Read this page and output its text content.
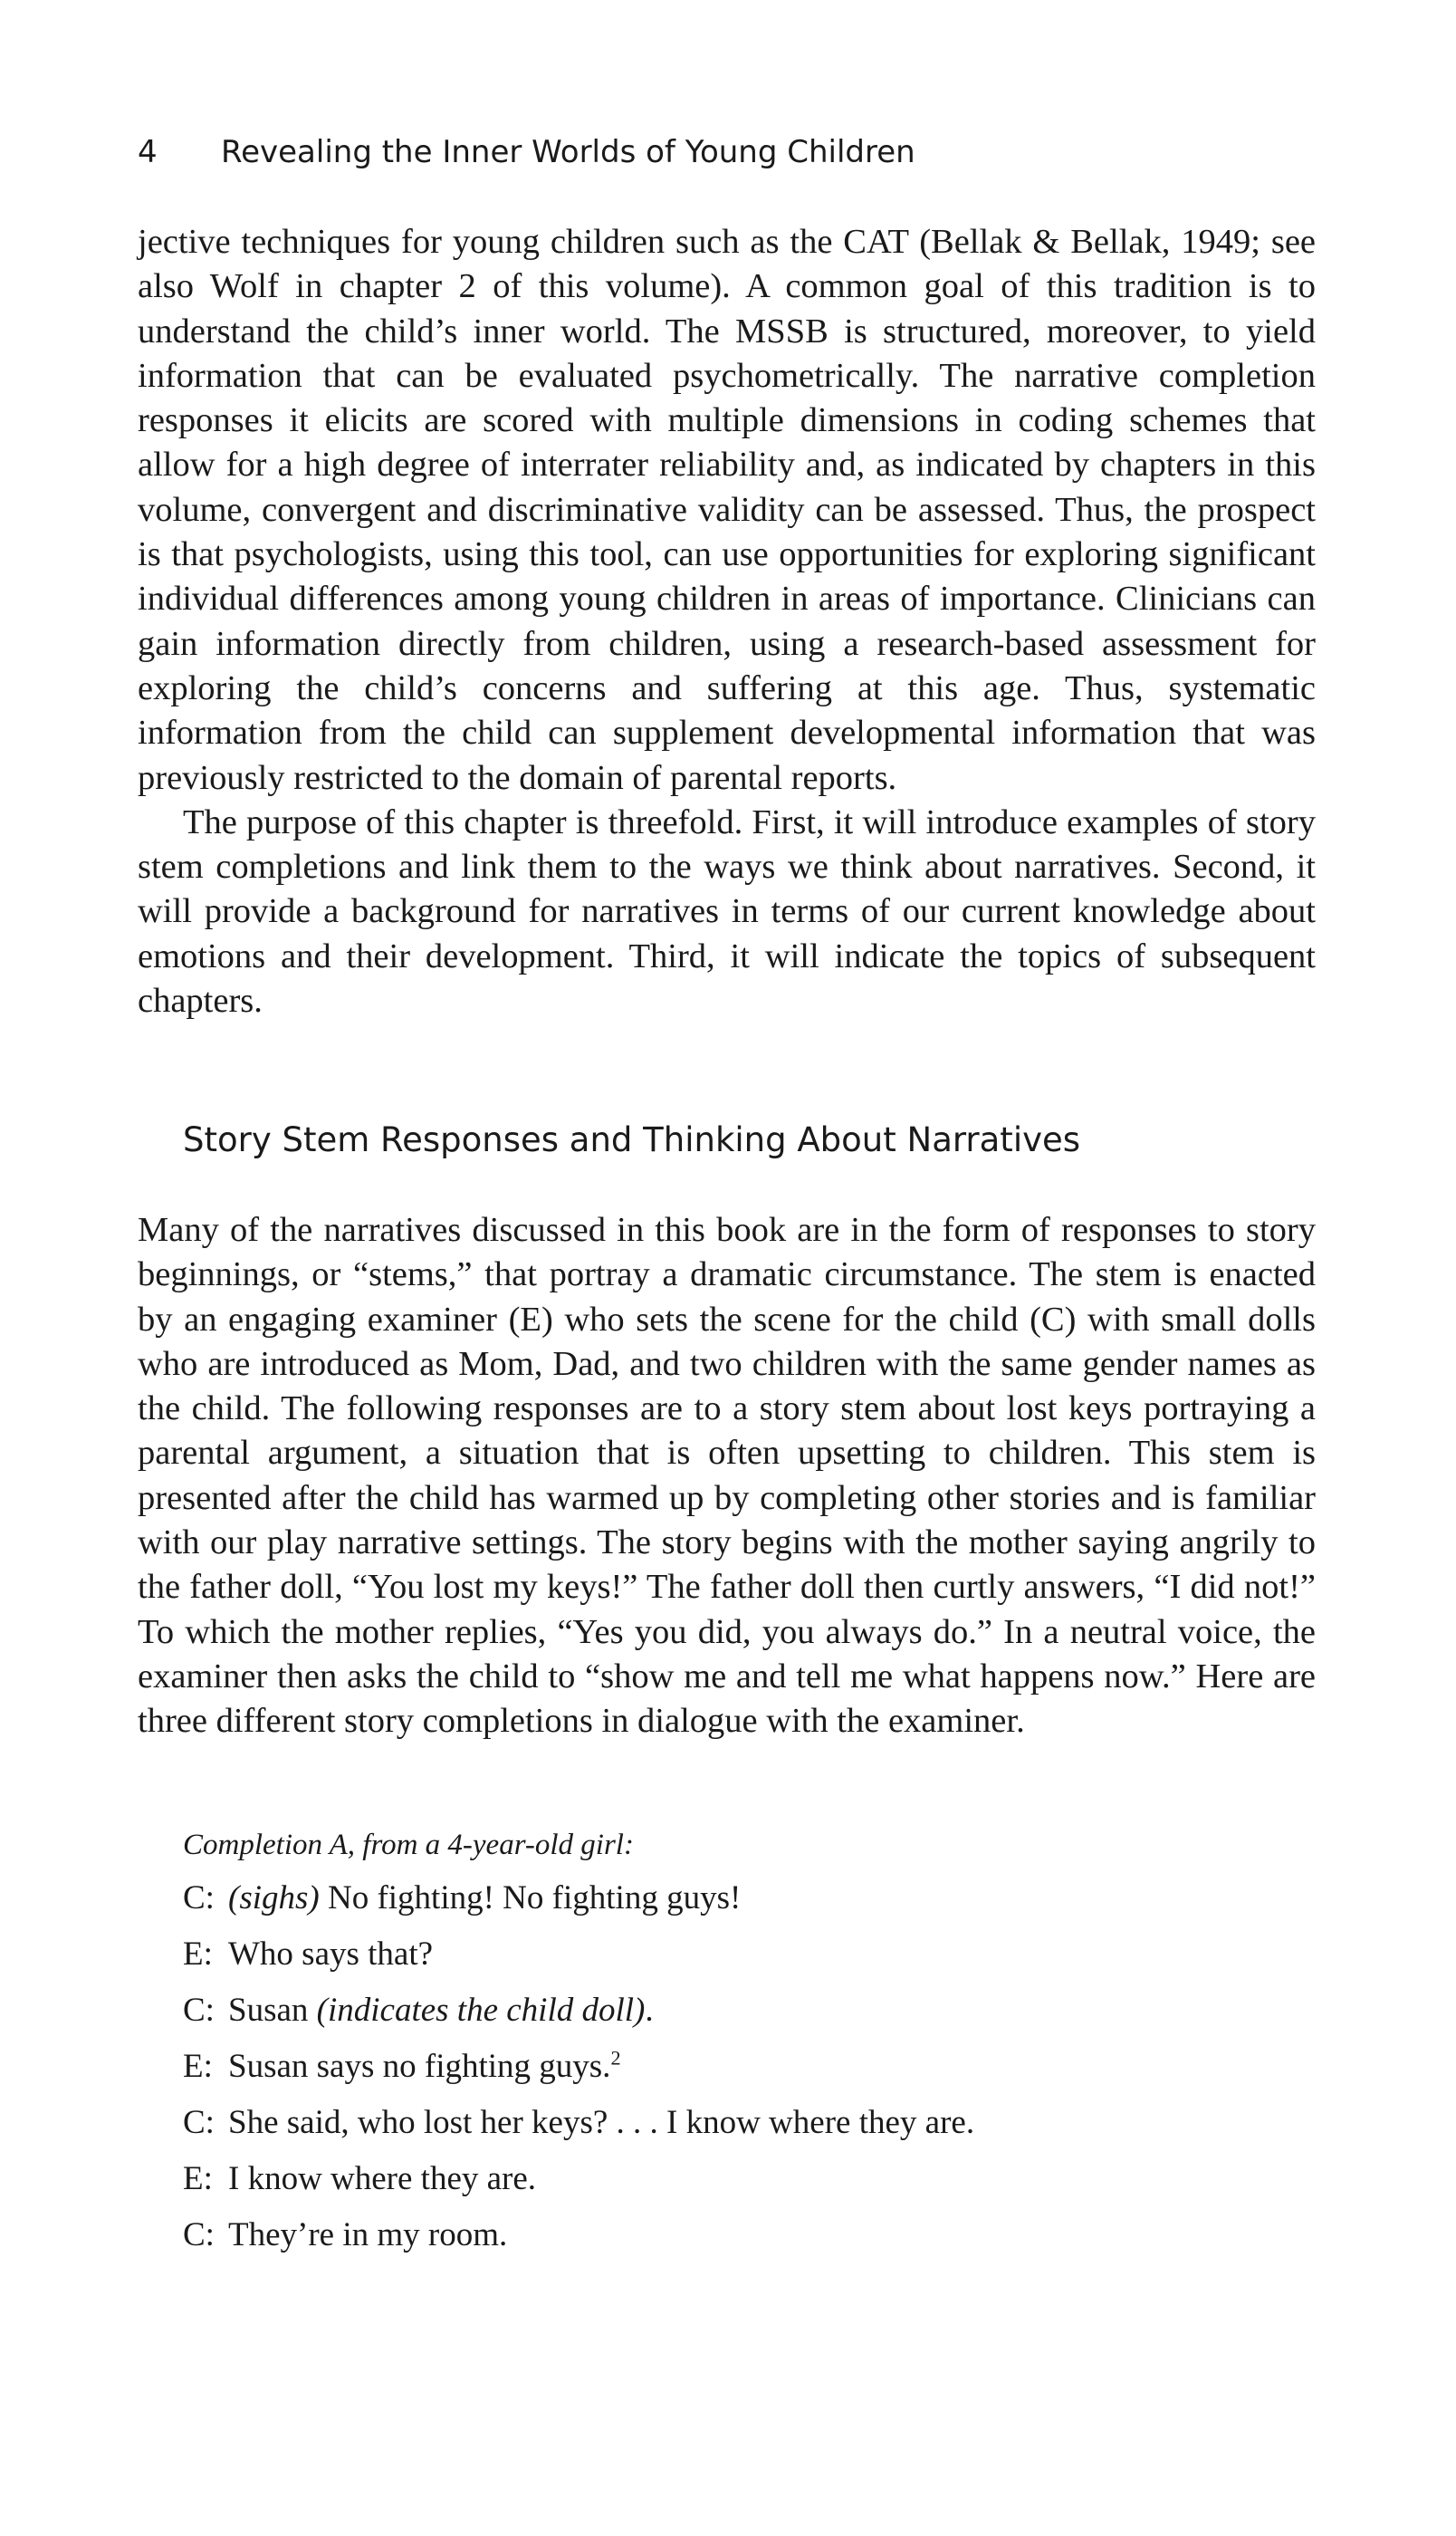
4 Revealing the Inner Worlds of Young Children

jective techniques for young children such as the CAT (Bellak & Bellak, 1949; see also Wolf in chapter 2 of this volume). A common goal of this tradition is to understand the child’s inner world. The MSSB is structured, moreover, to yield information that can be evaluated psychometrically. The narrative completion responses it elicits are scored with multiple dimensions in coding schemes that allow for a high degree of interrater reliability and, as indicated by chapters in this volume, convergent and discriminative validity can be assessed. Thus, the prospect is that psychologists, using this tool, can use opportunities for exploring significant individual differences among young children in areas of importance. Clinicians can gain information directly from children, using a research-based assessment for exploring the child’s concerns and suffering at this age. Thus, systematic information from the child can supplement developmental information that was previously restricted to the domain of parental reports.

The purpose of this chapter is threefold. First, it will introduce examples of story stem completions and link them to the ways we think about narratives. Second, it will provide a background for narratives in terms of our current knowledge about emotions and their development. Third, it will indicate the topics of subsequent chapters.

Story Stem Responses and Thinking About Narratives

Many of the narratives discussed in this book are in the form of responses to story beginnings, or “stems,” that portray a dramatic circumstance. The stem is enacted by an engaging examiner (E) who sets the scene for the child (C) with small dolls who are introduced as Mom, Dad, and two children with the same gender names as the child. The following responses are to a story stem about lost keys portraying a parental argument, a situation that is often upsetting to children. This stem is presented after the child has warmed up by completing other stories and is familiar with our play narrative settings. The story begins with the mother saying angrily to the father doll, “You lost my keys!” The father doll then curtly answers, “I did not!” To which the mother replies, “Yes you did, you always do.” In a neutral voice, the examiner then asks the child to “show me and tell me what happens now.” Here are three different story completions in dialogue with the examiner.

Completion A, from a 4-year-old girl:
C: (sighs) No fighting! No fighting guys!
E: Who says that?
C: Susan (indicates the child doll).
E: Susan says no fighting guys.$^2$
C: She said, who lost her keys? . . . I know where they are.
E: I know where they are.
C: They’re in my room.
